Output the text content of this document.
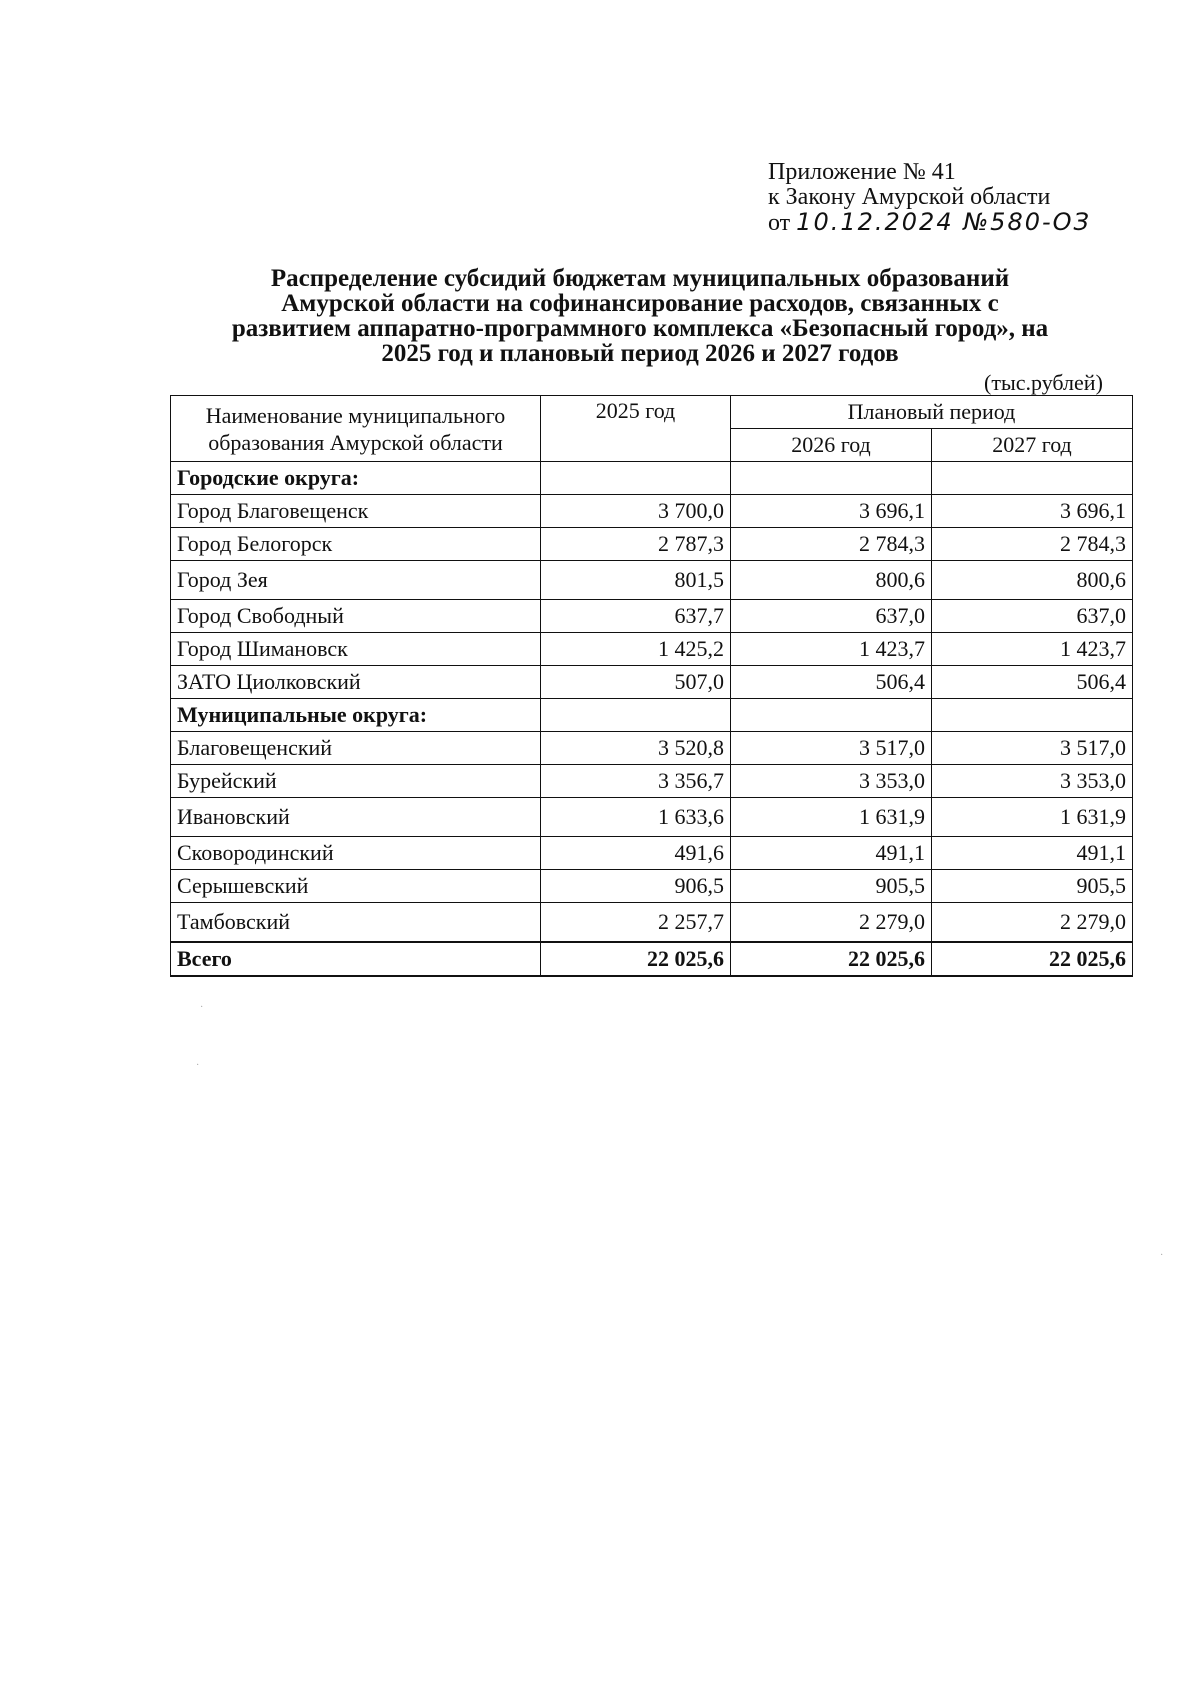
Приложение № 41
к Закону Амурской области
от 10.12.2024 №580-ОЗ
Распределение субсидий бюджетам муниципальных образований
Амурской области на софинансирование расходов, связанных с
развитием аппаратно-программного комплекса «Безопасный город», на
2025 год и плановый период 2026 и 2027 годов
(тыс.рублей)
Наименование муниципального образования Амурской области	2025 год	Плановый период	
		2026 год	2027 год
Городские округа:			
Город Благовещенск	3 700,0	3 696,1	3 696,1
Город Белогорск	2 787,3	2 784,3	2 784,3
Город Зея	801,5	800,6	800,6
Город Свободный	637,7	637,0	637,0
Город Шимановск	1 425,2	1 423,7	1 423,7
ЗАТО Циолковский	507,0	506,4	506,4
Муниципальные округа:			
Благовещенский	3 520,8	3 517,0	3 517,0
Бурейский	3 356,7	3 353,0	3 353,0
Ивановский	1 633,6	1 631,9	1 631,9
Сковородинский	491,6	491,1	491,1
Серышевский	906,5	905,5	905,5
Тамбовский	2 257,7	2 279,0	2 279,0
Всего	22 025,6	22 025,6	22 025,6
·
·
·
